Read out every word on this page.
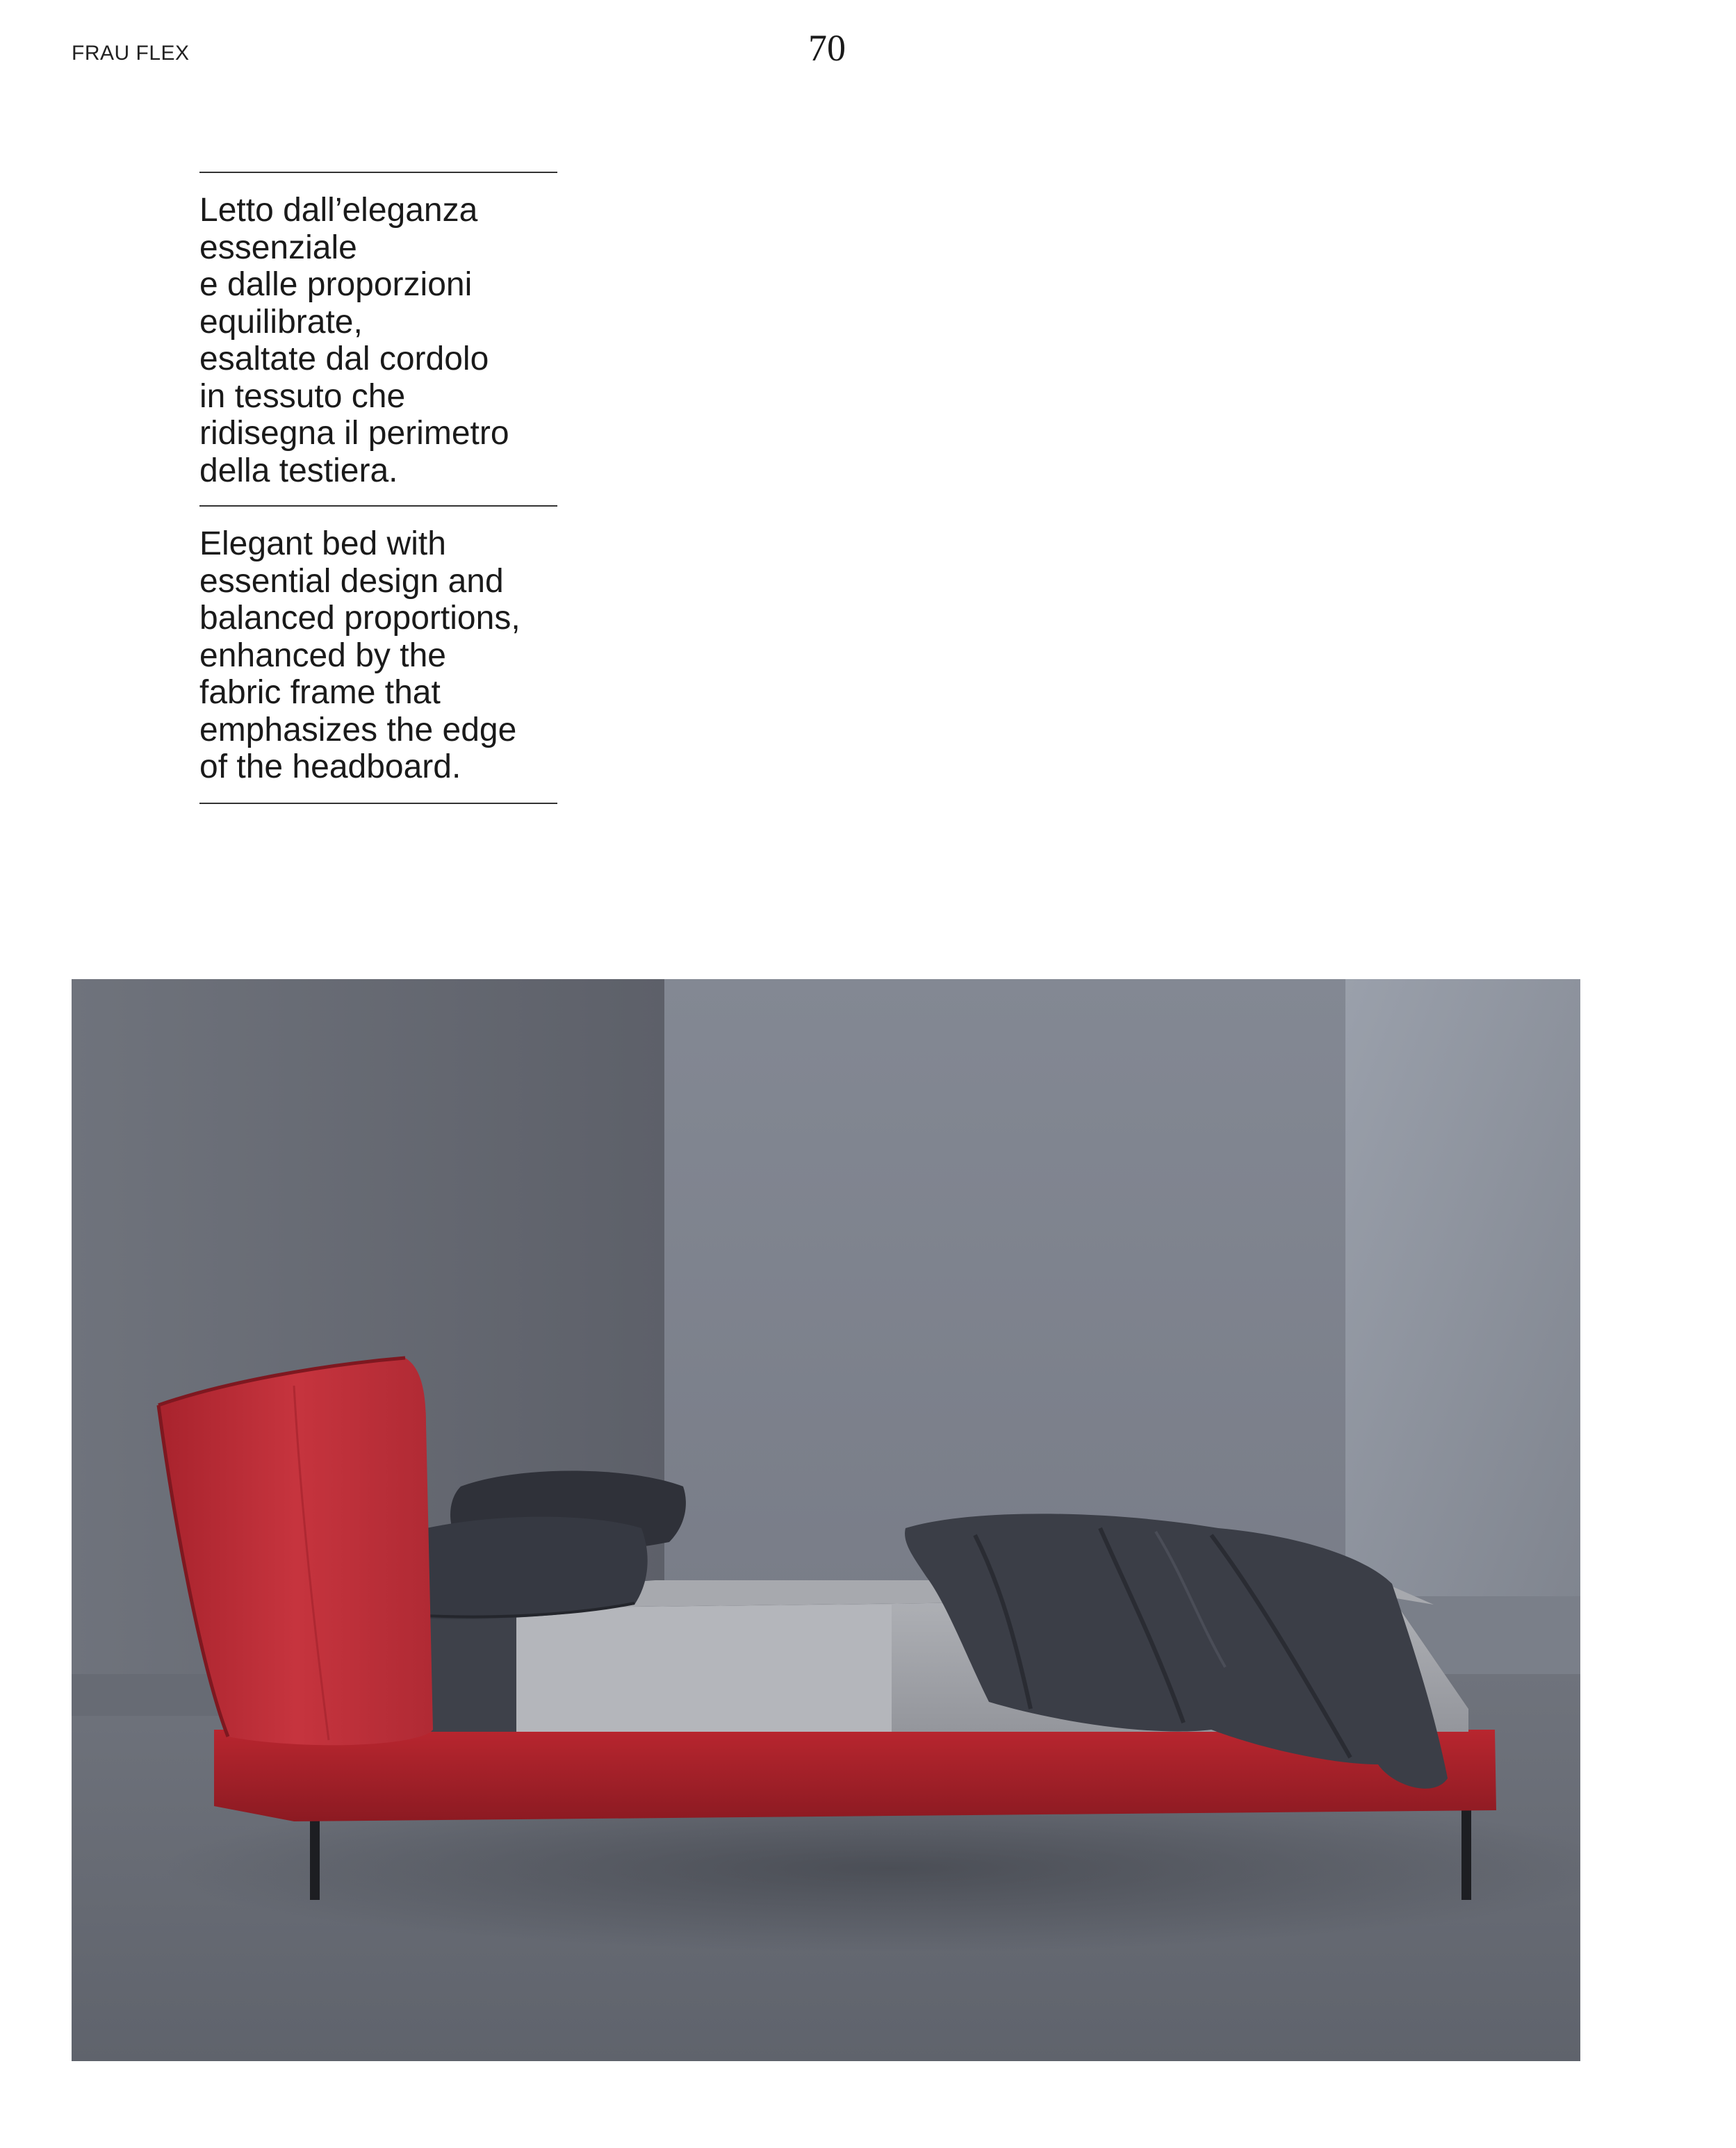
FRAU FLEX	70
Letto dall’eleganza
essenziale
e dalle proporzioni
equilibrate,
esaltate dal cordolo
in tessuto che
ridisegna il perimetro
della testiera.
Elegant bed with
essential design and
balanced proportions,
enhanced by the
fabric frame that
emphasizes the edge
of the headboard.
